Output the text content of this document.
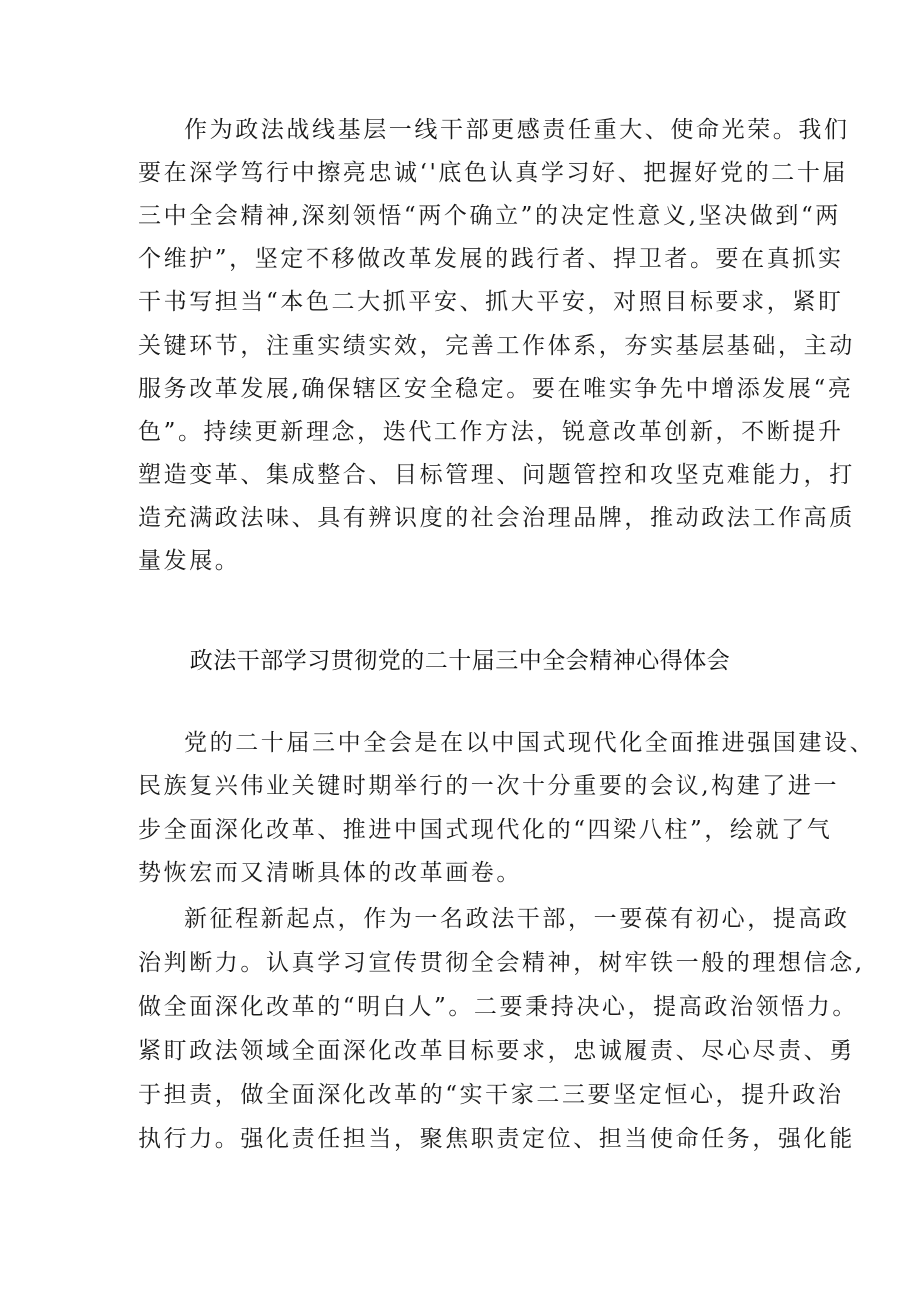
作为政法战线基层一线干部更感责任重大、使命光荣。我们
要在深学笃行中擦亮忠诚‘'底色认真学习好、把握好党的二十届
三中全会精神,深刻领悟“两个确立”的决定性意义,坚决做到“两
个维护”，坚定不移做改革发展的践行者、捍卫者。要在真抓实
干书写担当“本色二大抓平安、抓大平安，对照目标要求，紧盯
关键环节，注重实绩实效，完善工作体系，夯实基层基础，主动
服务改革发展,确保辖区安全稳定。要在唯实争先中增添发展“亮
色”。持续更新理念，迭代工作方法，锐意改革创新，不断提升
塑造变革、集成整合、目标管理、问题管控和攻坚克难能力，打
造充满政法味、具有辨识度的社会治理品牌，推动政法工作高质
量发展。
政法干部学习贯彻党的二十届三中全会精神心得体会
党的二十届三中全会是在以中国式现代化全面推进强国建设、
民族复兴伟业关键时期举行的一次十分重要的会议,构建了进一
步全面深化改革、推进中国式现代化的“四梁八柱”，绘就了气
势恢宏而又清晰具体的改革画卷。
新征程新起点，作为一名政法干部，一要葆有初心，提高政
治判断力。认真学习宣传贯彻全会精神，树牢铁一般的理想信念,
做全面深化改革的“明白人”。二要秉持决心，提高政治领悟力。
紧盯政法领域全面深化改革目标要求，忠诚履责、尽心尽责、勇
于担责，做全面深化改革的“实干家二三要坚定恒心，提升政治
执行力。强化责任担当，聚焦职责定位、担当使命任务，强化能
